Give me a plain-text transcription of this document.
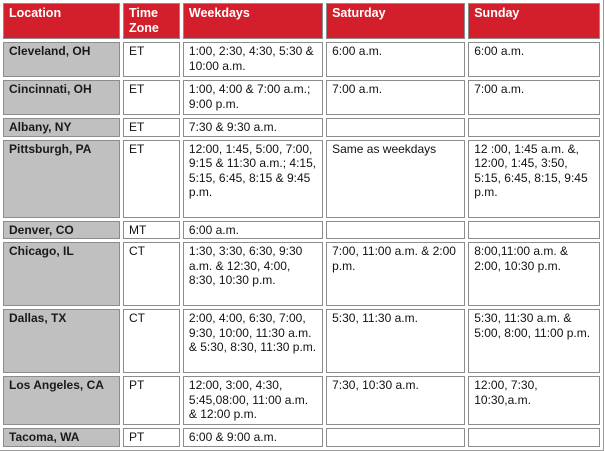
Location	Time Zone	Weekdays	Saturday	Sunday
Cleveland, OH	ET	1:00, 2:30, 4:30, 5:30 & 10:00 a.m.	6:00 a.m.	6:00 a.m.
Cincinnati, OH	ET	1:00, 4:00 & 7:00 a.m.; 9:00 p.m.	7:00 a.m.	7:00 a.m.
Albany, NY	ET	7:30 & 9:30 a.m.		
Pittsburgh, PA	ET	12:00, 1:45, 5:00, 7:00, 9:15 & 11:30 a.m.; 4:15, 5:15, 6:45, 8:15 & 9:45 p.m.	Same as weekdays	12 :00, 1:45 a.m. &, 12:00, 1:45, 3:50, 5:15, 6:45, 8:15, 9:45 p.m.
Denver, CO	MT	6:00 a.m.		
Chicago, IL	CT	1:30, 3:30, 6:30, 9:30 a.m. & 12:30, 4:00, 8:30, 10:30 p.m.	7:00, 11:00 a.m. & 2:00 p.m.	8:00,11:00 a.m. & 2:00, 10:30 p.m.
Dallas, TX	CT	2:00, 4:00, 6:30, 7:00, 9:30, 10:00, 11:30 a.m. & 5:30, 8:30, 11:30 p.m.	5:30, 11:30 a.m.	5:30, 11:30 a.m. & 5:00, 8:00, 11:00 p.m.
Los Angeles, CA	PT	12:00, 3:00, 4:30, 5:45,08:00, 11:00 a.m. & 12:00 p.m.	7:30, 10:30 a.m.	12:00, 7:30, 10:30,a.m.
Tacoma, WA	PT	6:00 & 9:00 a.m.		
